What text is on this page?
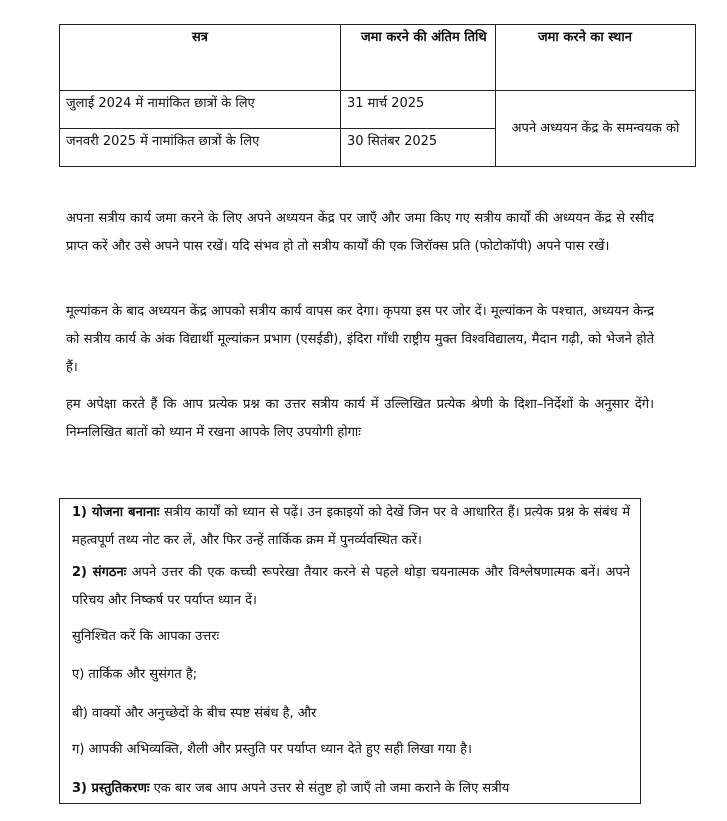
सत्र	जमा करने की अंतिम तिथि	जमा करने का स्थान
जुलाई 2024 में नामांकित छात्रों के लिए	31 मार्च 2025	अपने अध्ययन केंद्र के समन्वयक को
जनवरी 2025 में नामांकित छात्रों के लिए	30 सितंबर 2025	

अपना सत्रीय कार्य जमा करने के लिए अपने अध्ययन केंद्र पर जाएँ और जमा किए गए सत्रीय कार्यों की अध्ययन केंद्र से रसीद प्राप्त करें और उसे अपने पास रखें। यदि संभव हो तो सत्रीय कार्यों की एक जिरॉक्स प्रति (फोटोकॉपी) अपने पास रखें।

मूल्यांकन के बाद अध्ययन केंद्र आपको सत्रीय कार्य वापस कर देगा। कृपया इस पर जोर दें। मूल्यांकन के पश्चात, अध्ययन केन्द्र को सत्रीय कार्य के अंक विद्यार्थी मूल्यांकन प्रभाग (एसईडी), इंदिरा गाँधी राष्ट्रीय मुक्त विश्वविद्यालय, मैदान गढ़ी, को भेजने होते हैं।

हम अपेक्षा करते हैं कि आप प्रत्येक प्रश्न का उत्तर सत्रीय कार्य में उल्लिखित प्रत्येक श्रेणी के दिशा–निर्देशों के अनुसार देंगे। निम्नलिखित बातों को ध्यान में रखना आपके लिए उपयोगी होगाः

1) योजना बनानाः सत्रीय कार्यों को ध्यान से पढ़ें। उन इकाइयों को देखें जिन पर वे आधारित हैं। प्रत्येक प्रश्न के संबंध में महत्वपूर्ण तथ्य नोट कर लें, और फिर उन्हें तार्किक क्रम में पुनर्व्यवस्थित करें।

2) संगठनः अपने उत्तर की एक कच्ची रूपरेखा तैयार करने से पहले थोड़ा चयनात्मक और विश्लेषणात्मक बनें। अपने परिचय और निष्कर्ष पर पर्याप्त ध्यान दें।

सुनिश्चित करें कि आपका उत्तरः

ए) तार्किक और सुसंगत है;

बी) वाक्यों और अनुच्छेदों के बीच स्पष्ट संबंध है, और

ग) आपकी अभिव्यक्ति, शैली और प्रस्तुति पर पर्याप्त ध्यान देते हुए सही लिखा गया है।

3) प्रस्तुतिकरणः एक बार जब आप अपने उत्तर से संतुष्ट हो जाएँ तो जमा कराने के लिए सत्रीय
